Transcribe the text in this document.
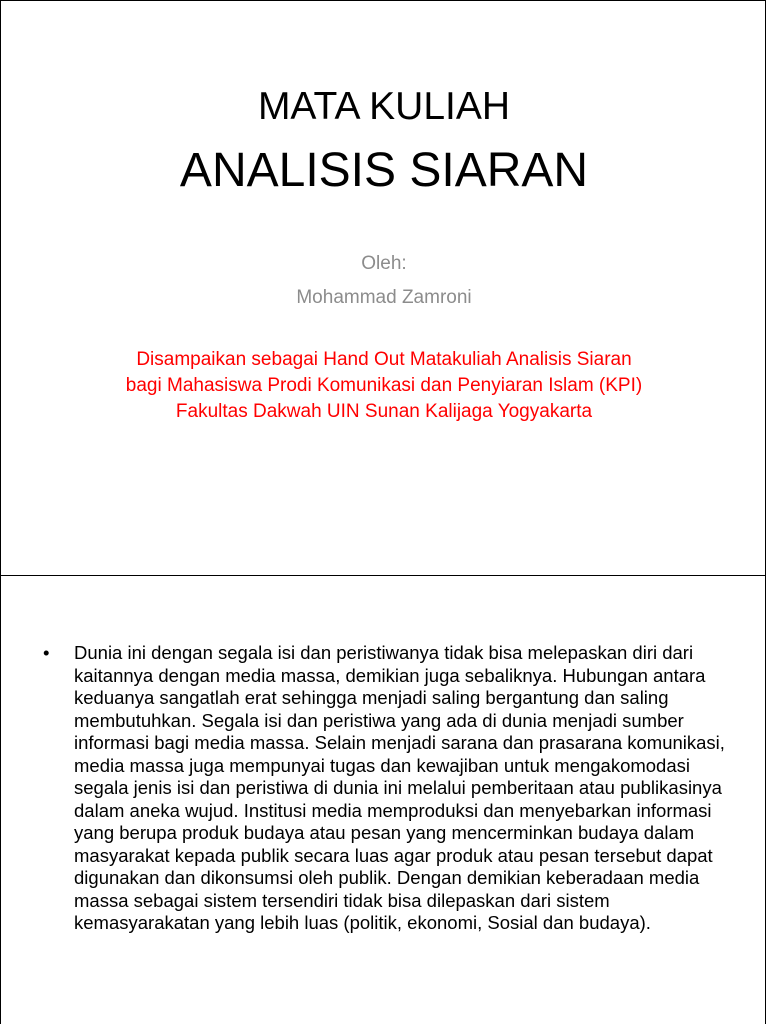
MATA KULIAH
ANALISIS SIARAN
Oleh:
Mohammad Zamroni
Disampaikan sebagai Hand Out Matakuliah Analisis Siaran bagi Mahasiswa Prodi Komunikasi dan Penyiaran Islam (KPI) Fakultas Dakwah UIN Sunan Kalijaga Yogyakarta
• Dunia ini dengan segala isi dan peristiwanya tidak bisa melepaskan diri dari kaitannya dengan media massa, demikian juga sebaliknya. Hubungan antara keduanya sangatlah erat sehingga menjadi saling bergantung dan saling membutuhkan. Segala isi dan peristiwa yang ada di dunia menjadi sumber informasi bagi media massa. Selain menjadi sarana dan prasarana komunikasi, media massa juga mempunyai tugas dan kewajiban untuk mengakomodasi segala jenis isi dan peristiwa di dunia ini melalui pemberitaan atau publikasinya dalam aneka wujud. Institusi media memproduksi dan menyebarkan informasi yang berupa produk budaya atau pesan yang mencerminkan budaya dalam masyarakat kepada publik secara luas agar produk atau pesan tersebut dapat digunakan dan dikonsumsi oleh publik. Dengan demikian keberadaan media massa sebagai sistem tersendiri tidak bisa dilepaskan dari sistem kemasyarakatan yang lebih luas (politik, ekonomi, Sosial dan budaya).
